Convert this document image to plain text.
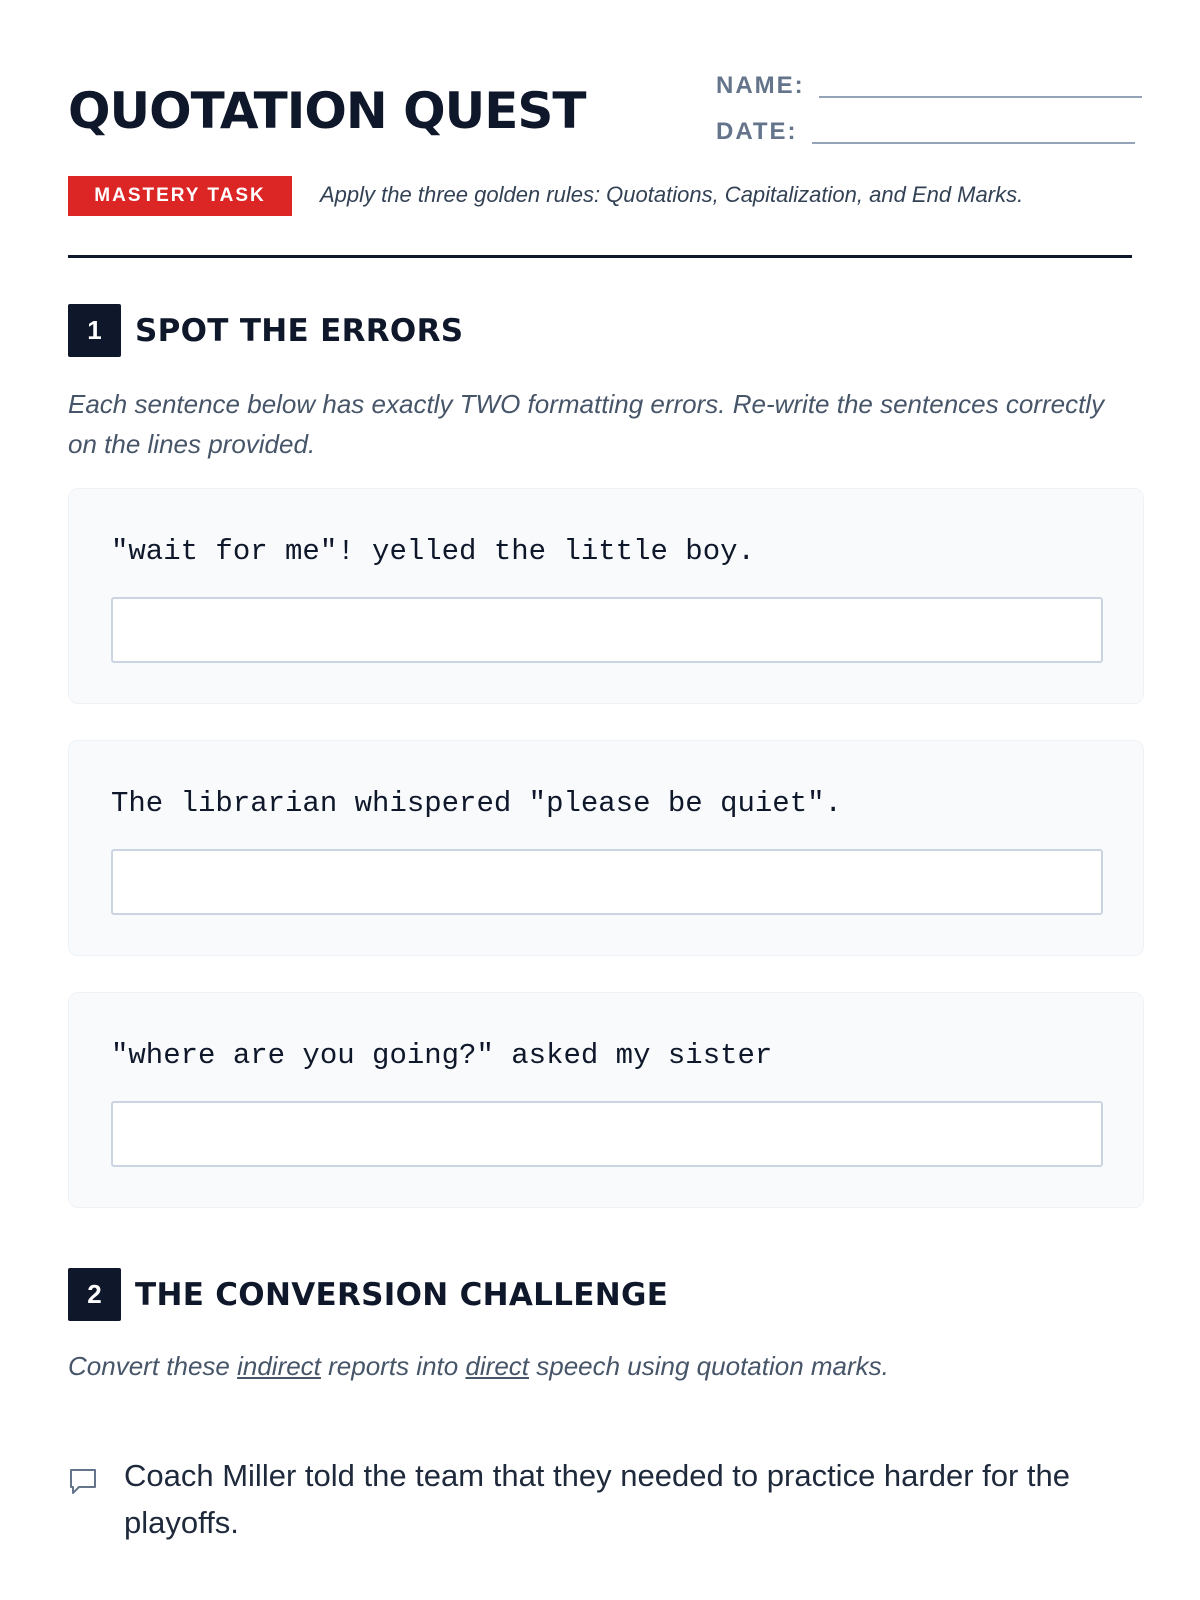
QUOTATION QUEST	NAME:
DATE:
MASTERY TASK	Apply the three golden rules: Quotations, Capitalization, and End Marks.
1	SPOT THE ERRORS

Each sentence below has exactly TWO formatting errors. Re-write the sentences correctly on the lines provided.

"wait for me"! yelled the little boy.
The librarian whispered "please be quiet".
"where are you going?" asked my sister
2	THE CONVERSION CHALLENGE

Convert these indirect reports into direct speech using quotation marks.

Coach Miller told the team that they needed to practice harder for the playoffs.
